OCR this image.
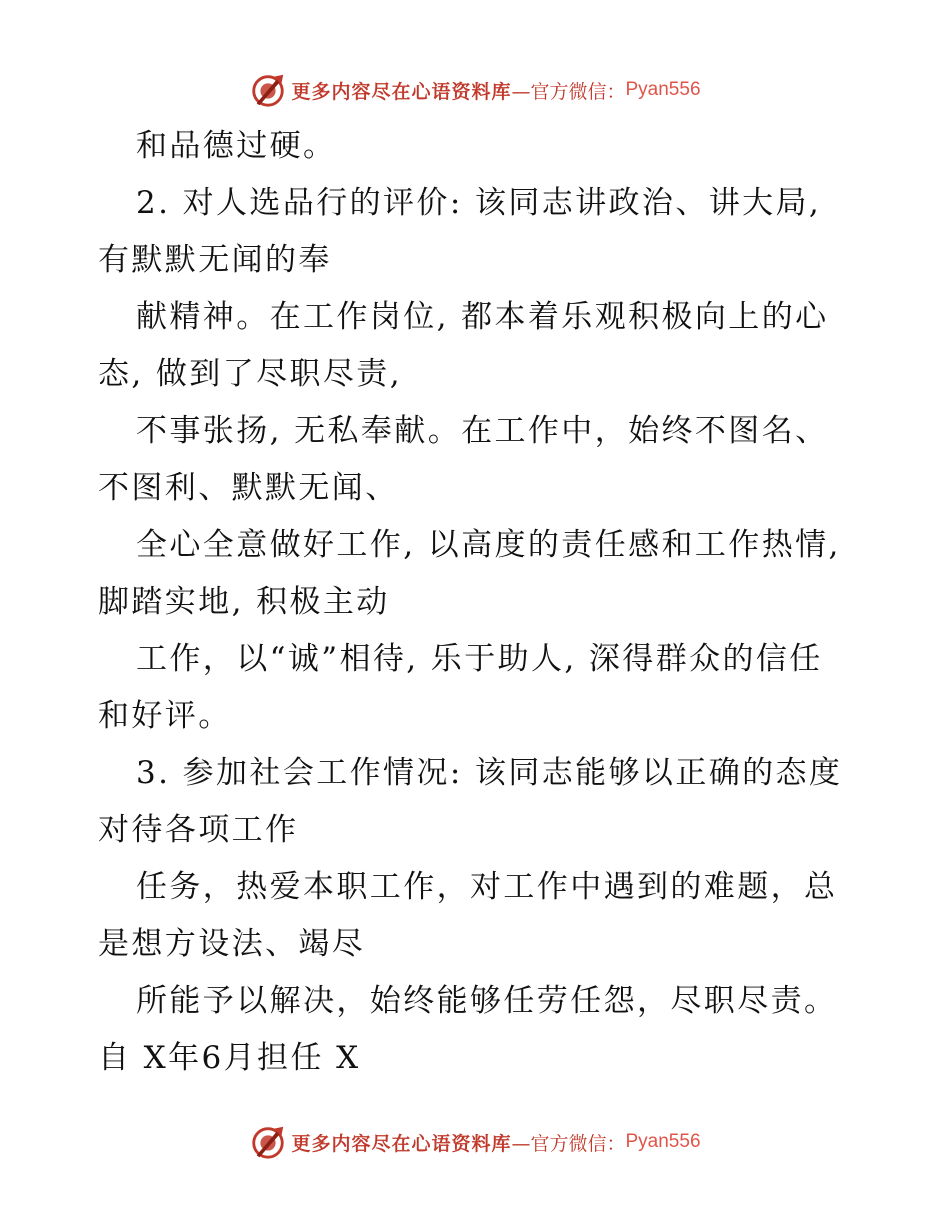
更多内容尽在心语资料库 —官方微信： Pyan556
和品德过硬。
2. 对人选品行的评价: 该同志讲政治、讲大局,
有默默无闻的奉
献精神。在工作岗位, 都本着乐观积极向上的心
态, 做到了尽职尽责,
不事张扬, 无私奉献。在工作中，始终不图名、
不图利、默默无闻、
全心全意做好工作, 以高度的责任感和工作热情,
脚踏实地, 积极主动
工作，以“诚”相待, 乐于助人, 深得群众的信任
和好评。
3. 参加社会工作情况: 该同志能够以正确的态度
对待各项工作
任务，热爱本职工作，对工作中遇到的难题，总
是想方设法、竭尽
所能予以解决，始终能够任劳任怨，尽职尽责。
自 X年6月担任 X
更多内容尽在心语资料库 —官方微信： Pyan556
